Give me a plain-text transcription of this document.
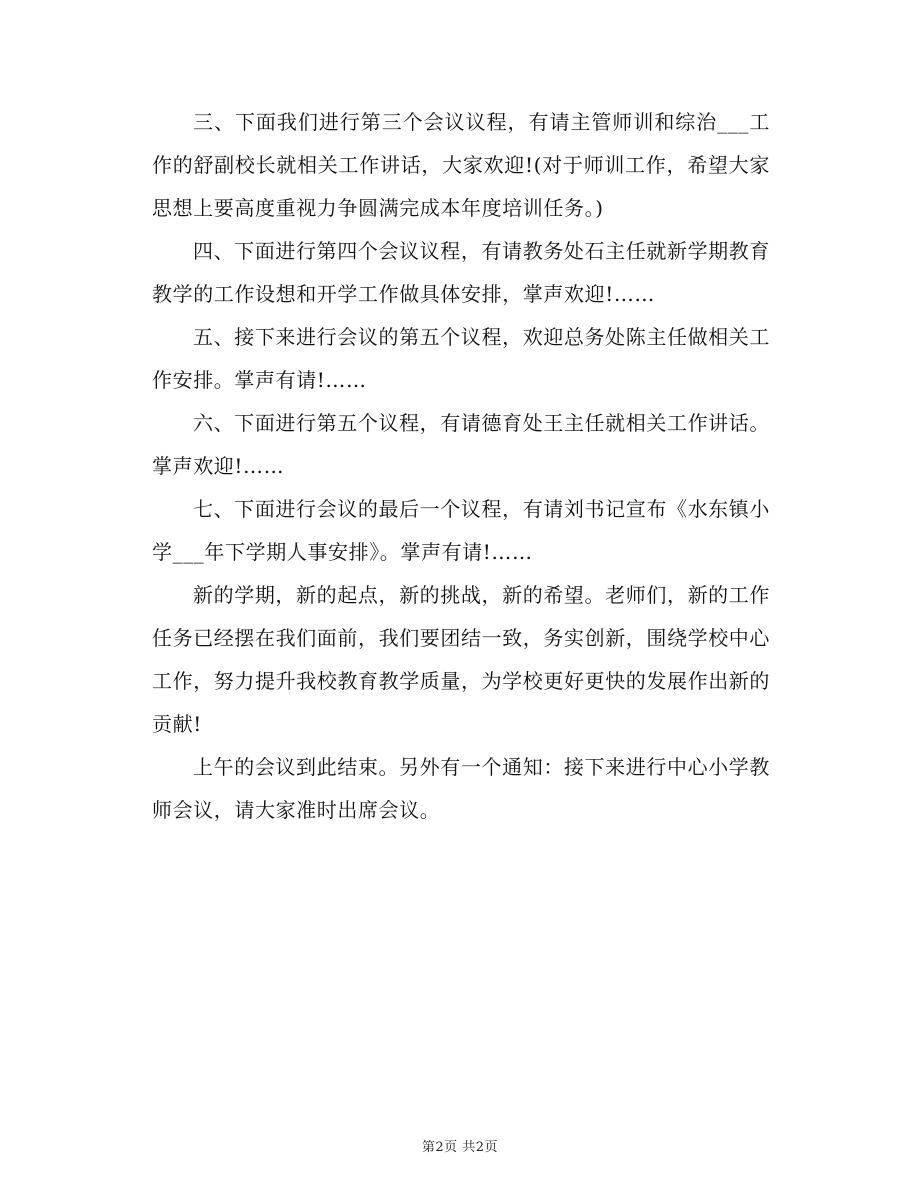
三、下面我们进行第三个会议议程，有请主管师训和综治___工作的舒副校长就相关工作讲话，大家欢迎!(对于师训工作，希望大家思想上要高度重视力争圆满完成本年度培训任务。)

四、下面进行第四个会议议程，有请教务处石主任就新学期教育教学的工作设想和开学工作做具体安排，掌声欢迎!……

五、接下来进行会议的第五个议程，欢迎总务处陈主任做相关工作安排。掌声有请!……

六、下面进行第五个议程，有请德育处王主任就相关工作讲话。掌声欢迎!……

七、下面进行会议的最后一个议程，有请刘书记宣布《水东镇小学___年下学期人事安排》。掌声有请!……

新的学期，新的起点，新的挑战，新的希望。老师们，新的工作任务已经摆在我们面前，我们要团结一致，务实创新，围绕学校中心工作，努力提升我校教育教学质量，为学校更好更快的发展作出新的贡献!

上午的会议到此结束。另外有一个通知：接下来进行中心小学教师会议，请大家准时出席会议。

第2页 共2页
